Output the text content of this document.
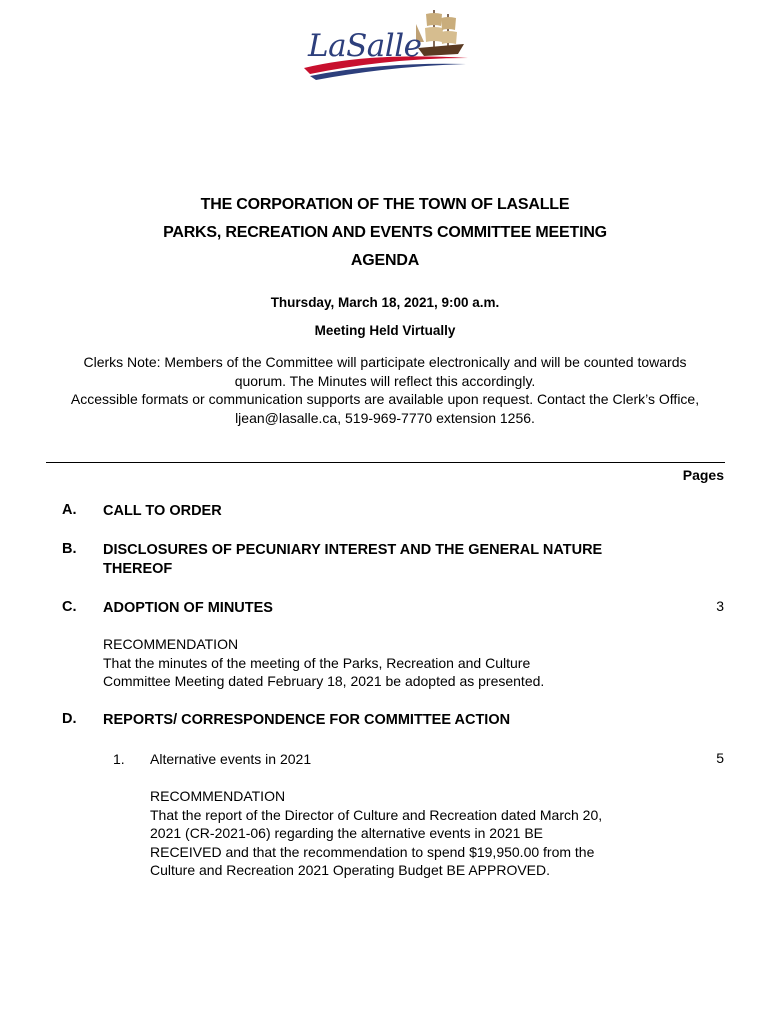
LaSalle
THE CORPORATION OF THE TOWN OF LASALLE
PARKS, RECREATION AND EVENTS COMMITTEE MEETING
AGENDA
Thursday, March 18, 2021, 9:00 a.m.
Meeting Held Virtually
Clerks Note: Members of the Committee will participate electronically and will be counted towards
quorum. The Minutes will reflect this accordingly.
Accessible formats or communication supports are available upon request. Contact the Clerk’s Office,
ljean@lasalle.ca, 519-969-7770 extension 1256.
Pages
A. CALL TO ORDER
B. DISCLOSURES OF PECUNIARY INTEREST AND THE GENERAL NATURE
THEREOF
C. ADOPTION OF MINUTES	3
RECOMMENDATION
That the minutes of the meeting of the Parks, Recreation and Culture
Committee Meeting dated February 18, 2021 be adopted as presented.
D. REPORTS/ CORRESPONDENCE FOR COMMITTEE ACTION
1. Alternative events in 2021	5
RECOMMENDATION
That the report of the Director of Culture and Recreation dated March 20,
2021 (CR-2021-06) regarding the alternative events in 2021 BE
RECEIVED and that the recommendation to spend $19,950.00 from the
Culture and Recreation 2021 Operating Budget BE APPROVED.
